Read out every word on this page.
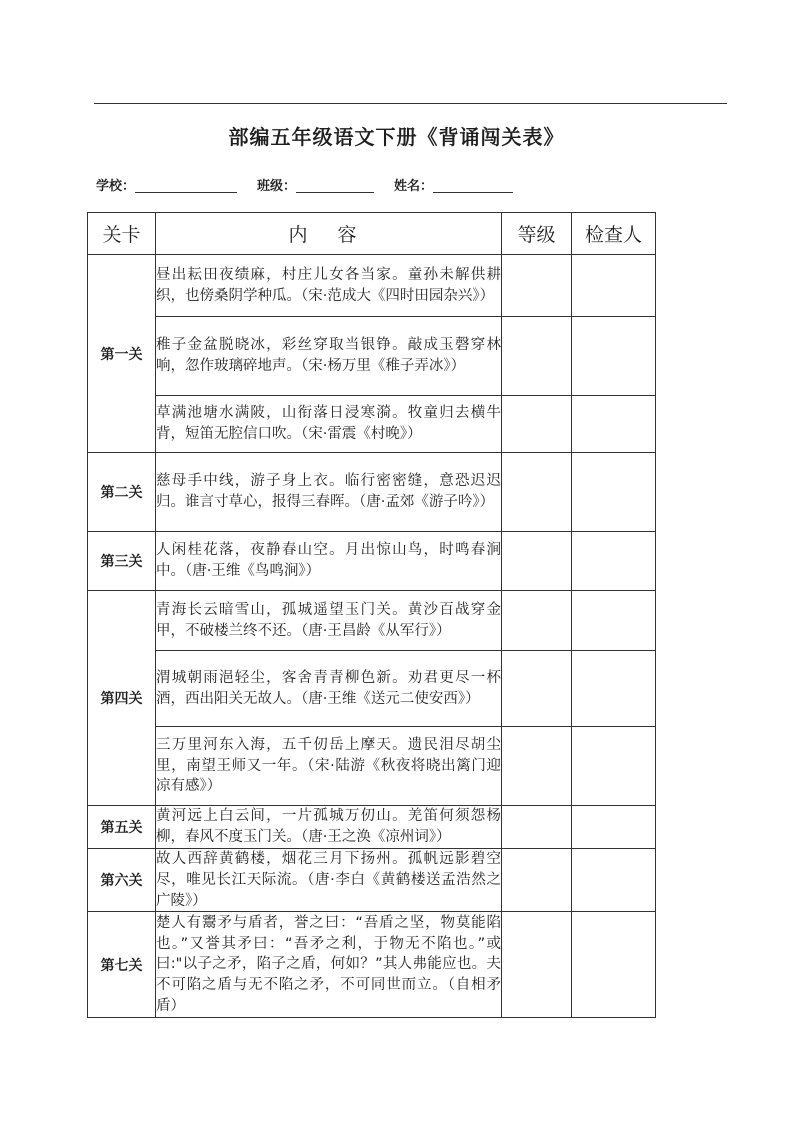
部编五年级语文下册《背诵闯关表》
学校：	班级：	姓名：
关卡	内 容	等级	检查人
第一关	昼出耘田夜绩麻，村庄儿女各当家。童孙未解供耕织，也傍桑阴学种瓜。（宋·范成大《四时田园杂兴》）		
	稚子金盆脱晓冰，彩丝穿取当银铮。敲成玉磬穿林响，忽作玻璃碎地声。（宋·杨万里《稚子弄冰》）		
	草满池塘水满陂，山衔落日浸寒漪。牧童归去横牛背，短笛无腔信口吹。（宋·雷震《村晚》）		
第二关	慈母手中线，游子身上衣。临行密密缝，意恐迟迟归。谁言寸草心，报得三春晖。（唐·孟郊《游子吟》）		
第三关	人闲桂花落，夜静春山空。月出惊山鸟，时鸣春涧中。（唐·王维《鸟鸣涧》）		
第四关	青海长云暗雪山，孤城遥望玉门关。黄沙百战穿金甲，不破楼兰终不还。（唐·王昌龄《从军行》）		
	渭城朝雨浥轻尘，客舍青青柳色新。劝君更尽一杯酒，西出阳关无故人。（唐·王维《送元二使安西》）		
	三万里河东入海，五千仞岳上摩天。遗民泪尽胡尘里，南望王师又一年。（宋·陆游《秋夜将晓出篱门迎凉有感》）		
第五关	黄河远上白云间，一片孤城万仞山。羌笛何须怨杨柳，春风不度玉门关。（唐·王之涣《凉州词》）		
第六关	故人西辞黄鹤楼，烟花三月下扬州。孤帆远影碧空尽，唯见长江天际流。（唐·李白《黄鹤楼送孟浩然之广陵》）		
第七关	楚人有鬻矛与盾者，誉之曰：“吾盾之坚，物莫能陷也。”又誉其矛曰：“吾矛之利，于物无不陷也。”或曰:"以子之矛，陷子之盾，何如？”其人弗能应也。夫不可陷之盾与无不陷之矛，不可同世而立。（自相矛盾）		
